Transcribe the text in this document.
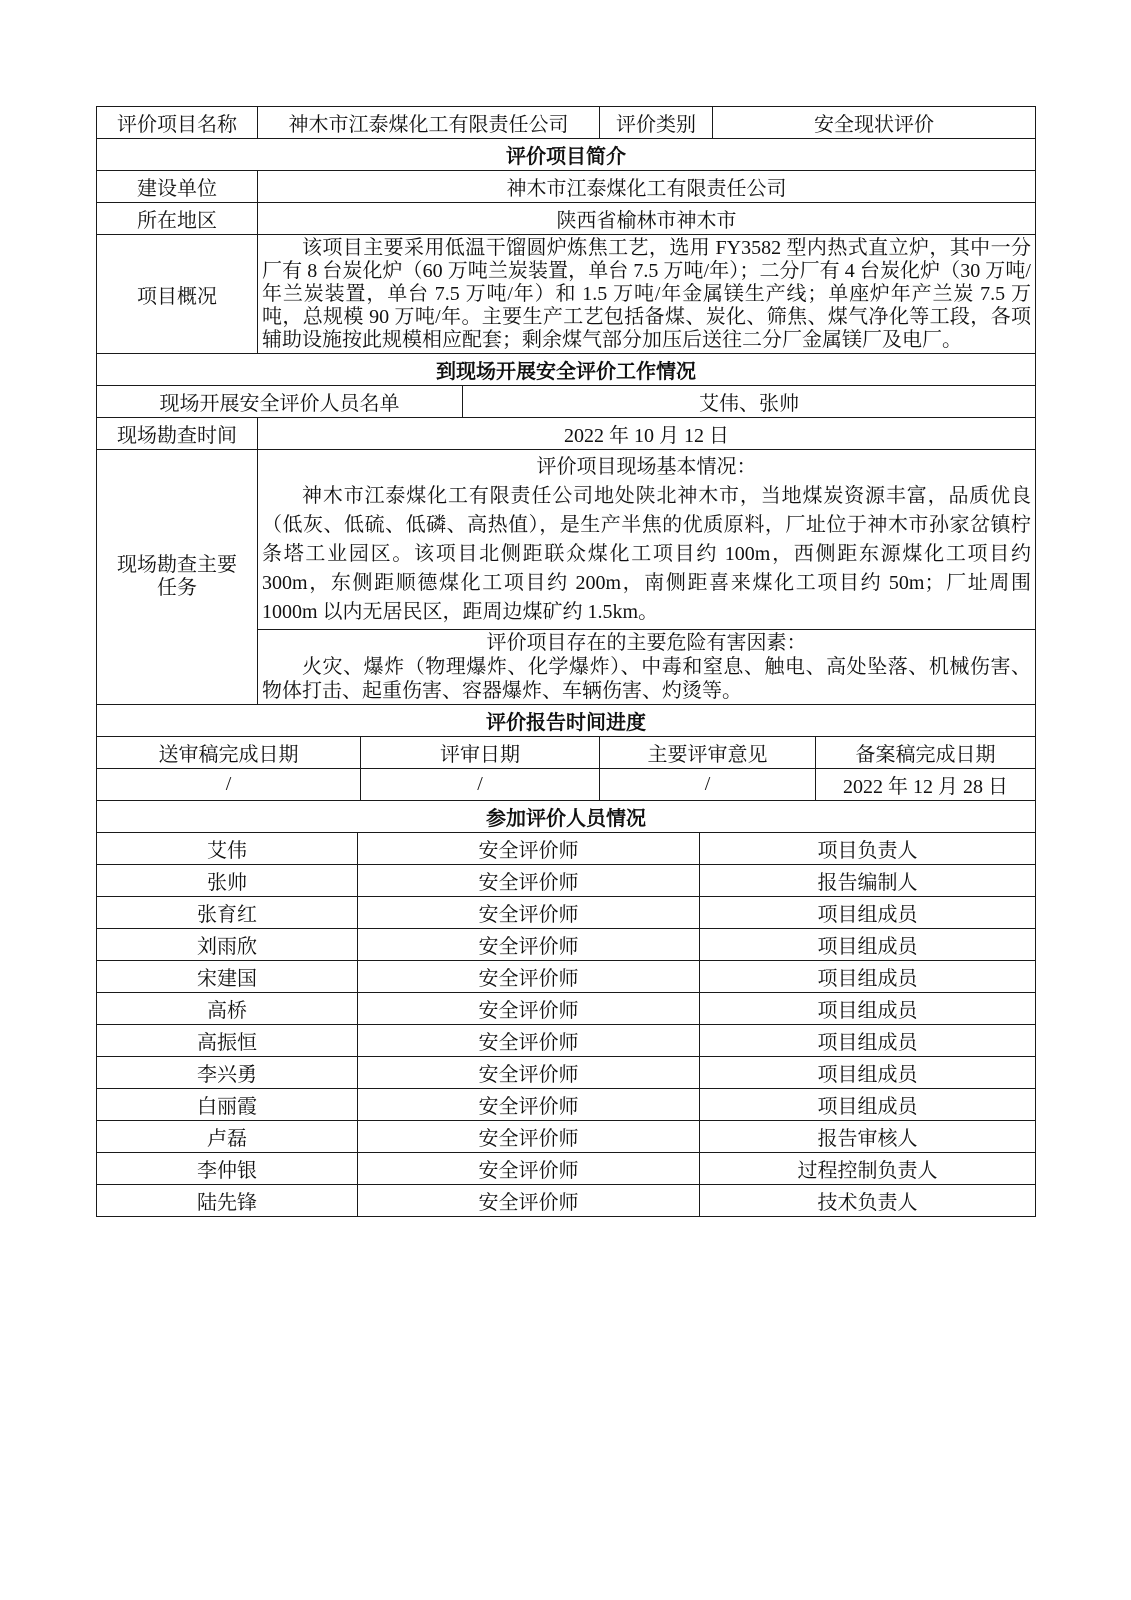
评价项目名称	神木市江泰煤化工有限责任公司	评价类别	安全现状评价
评价项目简介	
建设单位	神木市江泰煤化工有限责任公司
所在地区	陕西省榆林市神木市
项目概况	该项目主要采用低温干馏圆炉炼焦工艺，选用 FY3582 型内热式直立炉，其中一分厂有 8 台炭化炉（60 万吨兰炭装置，单台 7.5 万吨/年）；二分厂有 4 台炭化炉（30 万吨/年兰炭装置，单台 7.5 万吨/年）和 1.5 万吨/年金属镁生产线；单座炉年产兰炭 7.5 万吨，总规模 90 万吨/年。主要生产工艺包括备煤、炭化、筛焦、煤气净化等工段，各项辅助设施按此规模相应配套；剩余煤气部分加压后送往二分厂金属镁厂及电厂。

到现场开展安全评价工作情况	
现场开展安全评价人员名单	艾伟、张帅
现场勘查时间	2022 年 10 月 12 日
现场勘查主要任务	评价项目现场基本情况：
神木市江泰煤化工有限责任公司地处陕北神木市，当地煤炭资源丰富，品质优良（低灰、低硫、低磷、高热值），是生产半焦的优质原料，厂址位于神木市孙家岔镇柠条塔工业园区。该项目北侧距联众煤化工项目约 100m，西侧距东源煤化工项目约 300m，东侧距顺德煤化工项目约 200m，南侧距喜来煤化工项目约 50m；厂址周围 1000m 以内无居民区，距周边煤矿约 1.5km。

	评价项目存在的主要危险有害因素：
火灾、爆炸（物理爆炸、化学爆炸）、中毒和窒息、触电、高处坠落、机械伤害、物体打击、起重伤害、容器爆炸、车辆伤害、灼烫等。
评价报告时间进度			
送审稿完成日期	评审日期	主要评审意见	备案稿完成日期
/	/	/	2022 年 12 月 28 日
参加评价人员情况		
艾伟	安全评价师	项目负责人
张帅	安全评价师	报告编制人
张育红	安全评价师	项目组成员
刘雨欣	安全评价师	项目组成员
宋建国	安全评价师	项目组成员
高桥	安全评价师	项目组成员
高振恒	安全评价师	项目组成员
李兴勇	安全评价师	项目组成员
白丽霞	安全评价师	项目组成员
卢磊	安全评价师	报告审核人
李仲银	安全评价师	过程控制负责人
陆先锋	安全评价师	技术负责人
